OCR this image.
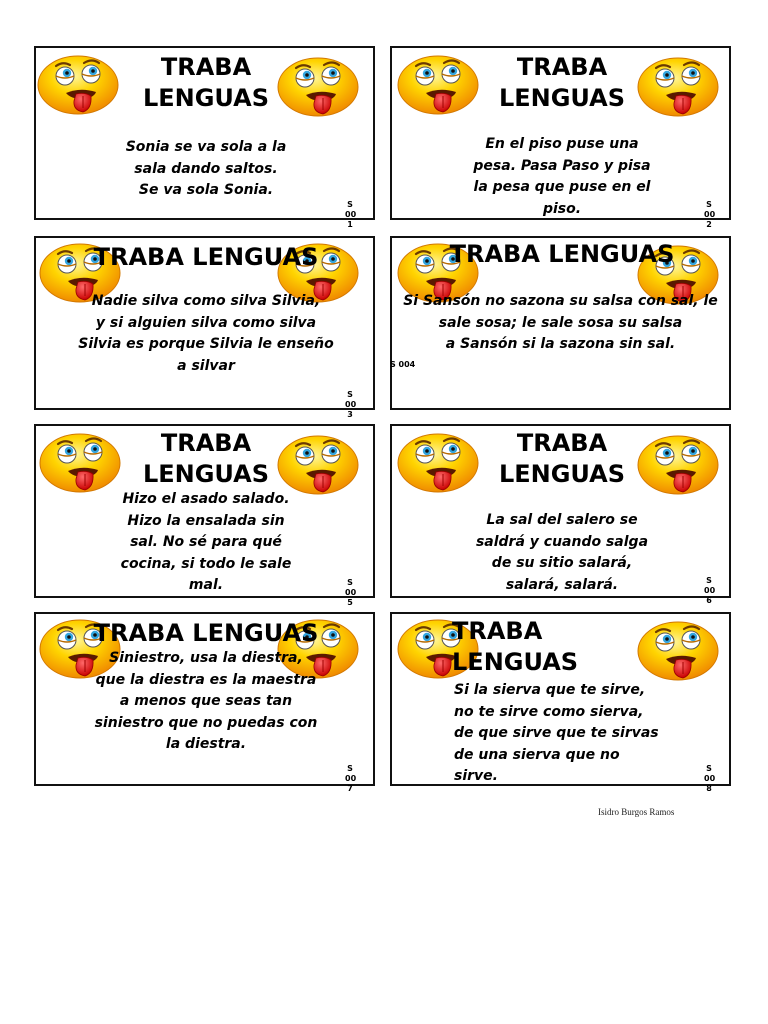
TRABA
LENGUAS
Sonia se va sola a la
sala dando saltos.
Se va sola Sonia.
S
00
1
TRABA
LENGUAS
En el piso puse una
pesa. Pasa Paso y pisa
la pesa que puse en el
piso.	S
00
2
TRABA LENGUAS
Nadie silva como silva Silvia,
y si alguien silva como silva
Silvia es porque Silvia le enseño
a silvar
S
00
3
TRABA LENGUAS
Si Sansón no sazona su salsa con sal, le
sale sosa; le sale sosa su salsa
a Sansón si la sazona sin sal.
S 004
TRABA
LENGUAS
Hizo el asado salado.
Hizo la ensalada sin
sal. No sé para qué
cocina, si todo le sale
mal.	S
00
5
TRABA
LENGUAS
La sal del salero se
saldrá y cuando salga
de su sitio salará,
salará, salará.	S
00
6
TRABA LENGUAS
Siniestro, usa la diestra,
que la diestra es la maestra
a menos que seas tan
siniestro que no puedas con
la diestra.
S
00
7
TRABA
LENGUAS
Si la sierva que te sirve,
no te sirve como sierva,
de que sirve que te sirvas
de una sierva que no
sirve.	S
00
8
Isidro Burgos Ramos
